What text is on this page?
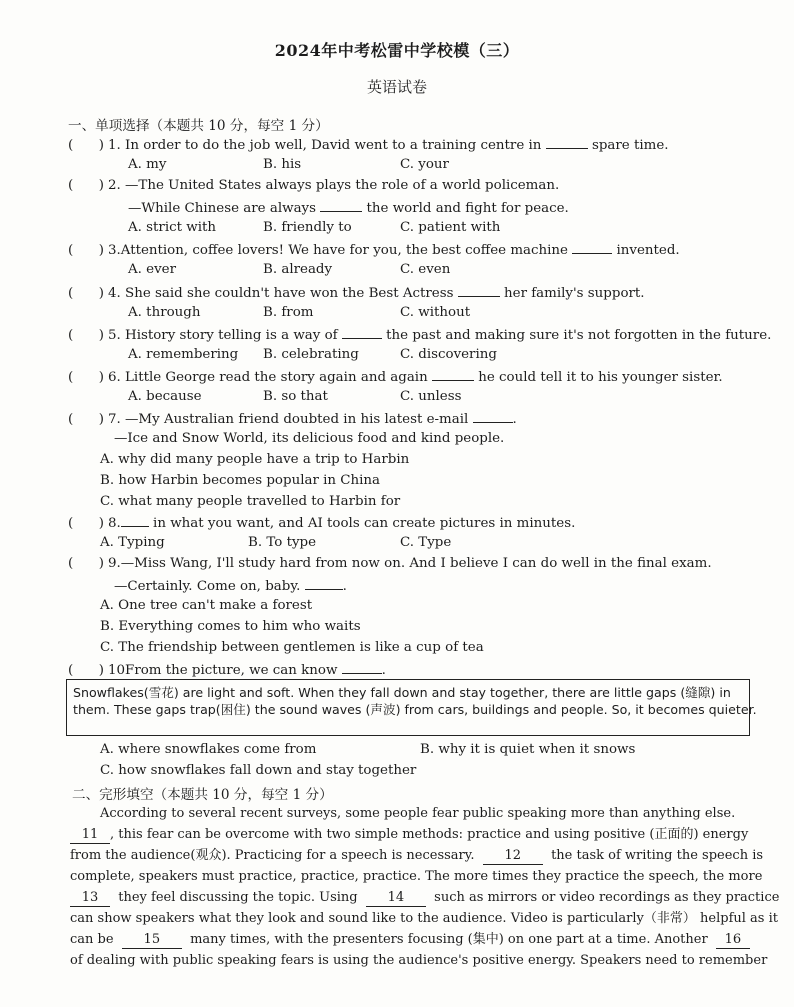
2024年中考松雷中学校模（三）
英语试卷
一、单项选择（本题共 10 分，每空 1 分）
( ) 1. In order to do the job well, David went to a training centre in	spare time.
A. my	B. his	C. your
( ) 2. —The United States always plays the role of a world policeman.
—While Chinese are always	the world and fight for peace.
A. strict with	B. friendly to	C. patient with
( ) 3.Attention, coffee lovers! We have for you, the best coffee machine	invented.
A. ever	B. already	C. even
( ) 4. She said she couldn't have won the Best Actress	her family's support.
A. through	B. from	C. without
( ) 5. History story telling is a way of	the past and making sure it's not forgotten in the future.
A. remembering B. celebrating	C. discovering
( ) 6. Little George read the story again and again	he could tell it to his younger sister.
A. because	B. so that	C. unless
( ) 7. —My Australian friend doubted in his latest e-mail	.
—Ice and Snow World, its delicious food and kind people.
A. why did many people have a trip to Harbin
B. how Harbin becomes popular in China
C. what many people travelled to Harbin for
( ) 8. in what you want, and AI tools can create pictures in minutes.
A. Typing	B. To type	C. Type
( ) 9.—Miss Wang, I'll study hard from now on. And I believe I can do well in the final exam.
—Certainly. Come on, baby.	.
A. One tree can't make a forest
B. Everything comes to him who waits
C. The friendship between gentlemen is like a cup of tea
( ) 10From the picture, we can know	.
Snowflakes(雪花) are light and soft. When they fall down and stay together, there are little gaps (缝隙) in
them. These gaps trap(困住) the sound waves (声波) from cars, buildings and people. So, it becomes quieter.
A. where snowflakes come from	B. why it is quiet when it snows
C. how snowflakes fall down and stay together
二、完形填空（本题共 10 分，每空 1 分）
According to several recent surveys, some people fear public speaking more than anything else.
11 , this fear can be overcome with two simple methods: practice and using positive (正面的) energy
from the audience(观众). Practicing for a speech is necessary. 12 the task of writing the speech is
complete, speakers must practice, practice, practice. The more times they practice the speech, the more
13 they feel discussing the topic. Using 14 such as mirrors or video recordings as they practice
can show speakers what they look and sound like to the audience. Video is particularly（非常） helpful as it
can be 15 many times, with the presenters focusing (集中) on one part at a time. Another 16
of dealing with public speaking fears is using the audience's positive energy. Speakers need to remember
